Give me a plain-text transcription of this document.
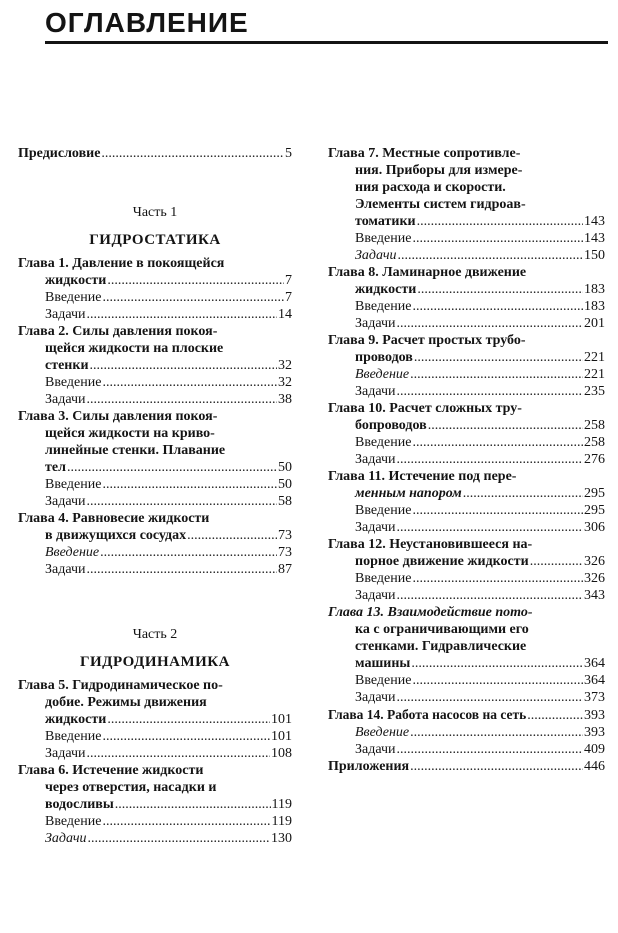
ОГЛАВЛЕНИЕ
Предисловие .....	5
Часть 1
ГИДРОСТАТИКА
Глава 1. Давление в покоящейся
жидкости .....	7
Введение .....	7
Задачи .....	14
Глава 2. Силы давления покоя-
щейся жидкости на плоские
стенки .....	32
Введение .....	32
Задачи .....	38
Глава 3. Силы давления покоя-
щейся жидкости на криво-
линейные стенки. Плавание
тел .....	50
Введение .....	50
Задачи .....	58
Глава 4. Равновесие жидкости
в движущихся сосудах .....	73
Введение .....	73
Задачи .....	87
Часть 2
ГИДРОДИНАМИКА
Глава 5. Гидродинамическое по-
добие. Режимы движения
жидкости .....	101
Введение .....	101
Задачи .....	108
Глава 6. Истечение жидкости
через отверстия, насадки и
водосливы .....	119
Введение .....	119
Задачи .....	130
Глава 7. Местные сопротивле-
ния. Приборы для измере-
ния расхода и скорости.
Элементы систем гидроав-
томатики .....	143
Введение .....	143
Задачи .....	150
Глава 8. Ламинарное движение
жидкости .....	183
Введение .....	183
Задачи .....	201
Глава 9. Расчет простых трубо-
проводов .....	221
Введение .....	221
Задачи .....	235
Глава 10. Расчет сложных тру-
бопроводов .....	258
Введение .....	258
Задачи .....	276
Глава 11. Истечение под пере-
менным напором .....	295
Введение .....	295
Задачи .....	306
Глава 12. Неустановившееся на-
порное движение жидкости .....	326
Введение .....	326
Задачи .....	343
Глава 13. Взаимодействие пото-
ка с ограничивающими его
стенками. Гидравлические
машины .....	364
Введение .....	364
Задачи .....	373
Глава 14. Работа насосов на сеть .....	393
Введение .....	393
Задачи .....	409
Приложения .....	446
